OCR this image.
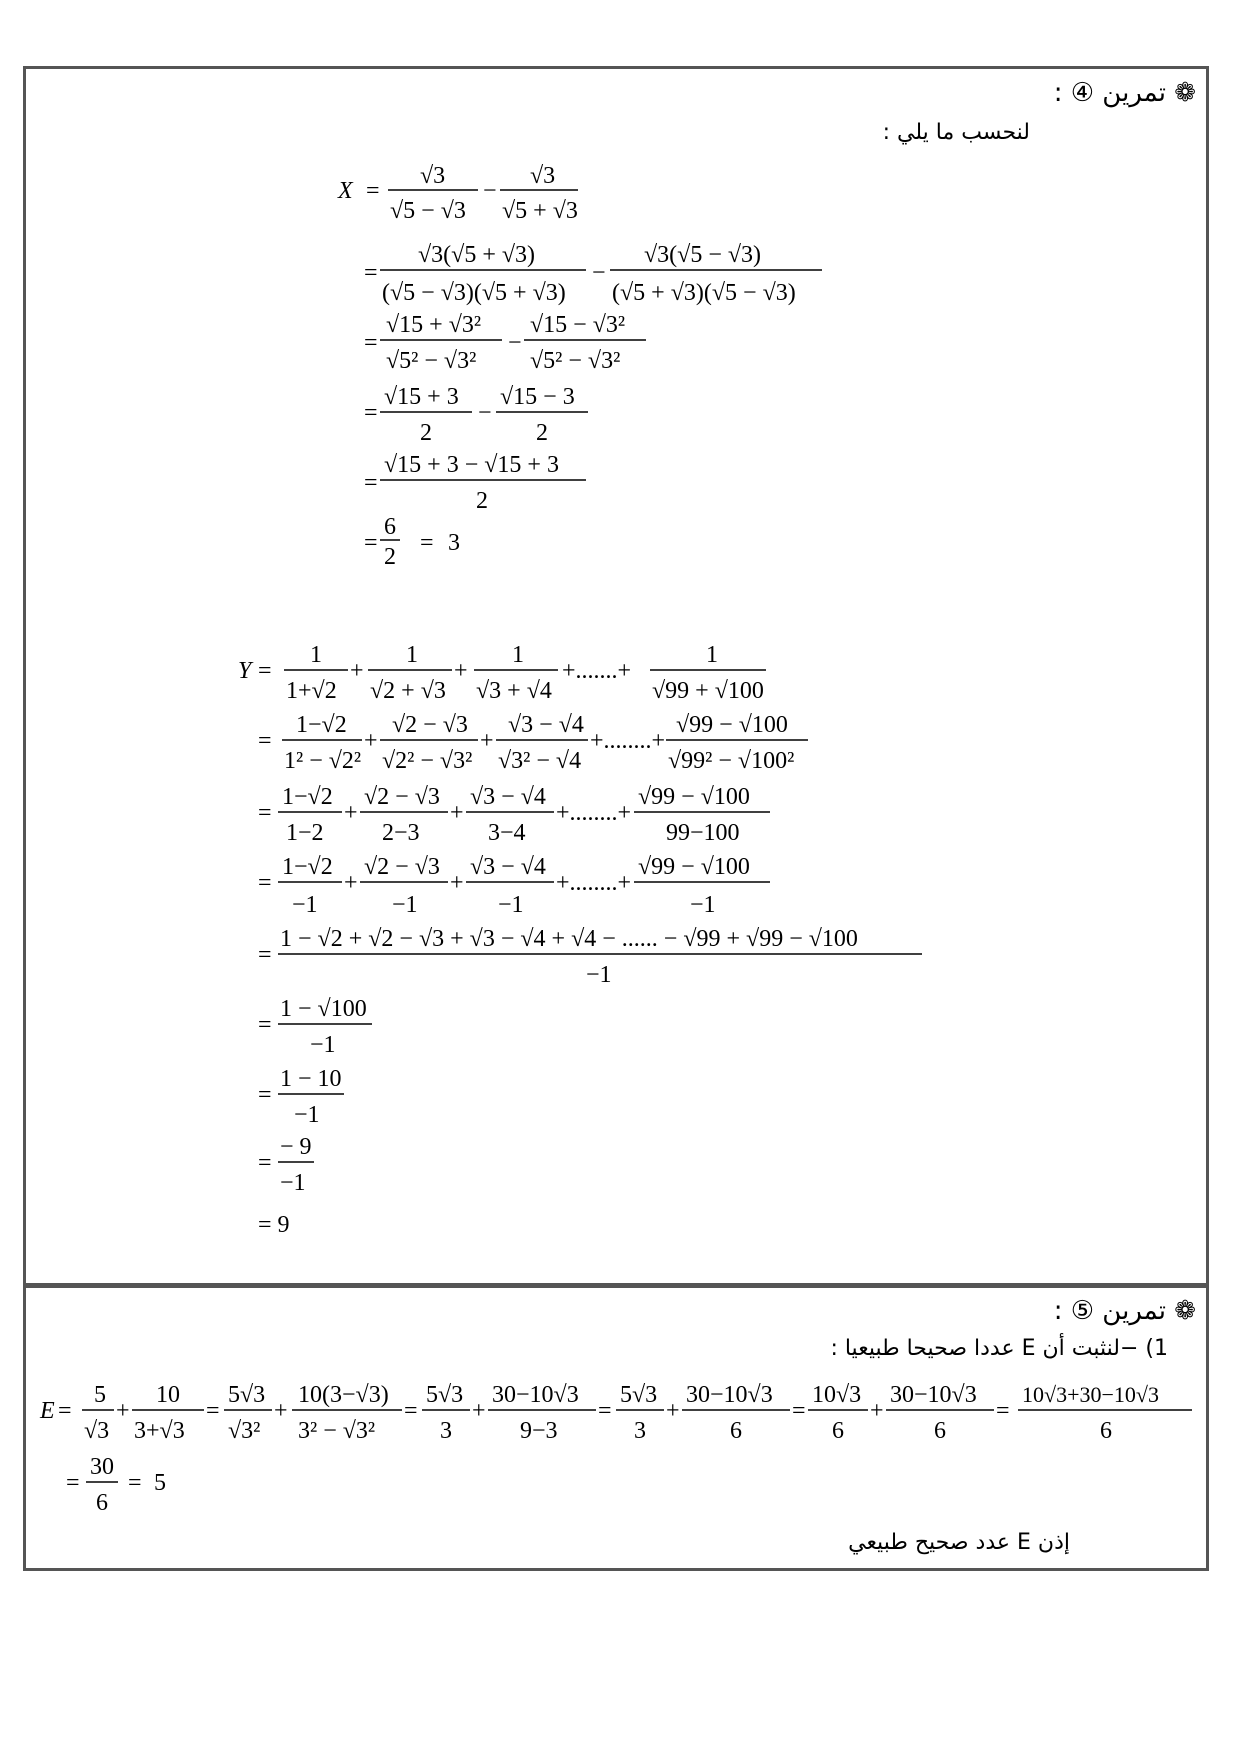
❁ تمرين ④ :
لنحسب ما يلي :
X =
√3
√5 − √3
−
√3
√5 + √3
=
√3(√5 + √3)
(√5 − √3)(√5 + √3)
−
√3(√5 − √3)
(√5 + √3)(√5 − √3)
=
√15 + √3²
√5² − √3²
−
√15 − √3²
√5² − √3²
=
√15 + 3
2
−
√15 − 3
2
=
√15 + 3 − √15 + 3
2
=
6
2
= 3
Y =
1
1+√2
+
1
√2 + √3
+
1
√3 + √4
+.......+
1
√99 + √100
=
1−√2
1² − √2²
+
√2 − √3
√2² − √3²
+
√3 − √4
√3² − √4
+........+
√99 − √100
√99² − √100²
=
1−√2
1−2
+
√2 − √3
2−3
+
√3 − √4
3−4
+........+
√99 − √100
99−100
=
1−√2
−1
+
√2 − √3
−1
+
√3 − √4
−1
+........+
√99 − √100
−1
=
1 − √2 + √2 − √3 + √3 − √4 + √4 − ...... − √99 + √99 − √100
−1
=
1 − √100
−1
=
1 − 10
−1
=
− 9
−1
= 9
❁ تمرين ⑤ :
1) −لنثبت أن E عددا صحيحا طبيعيا :
E =
5
√3
+
10
3+√3
=
5√3
√3²
+
10(3−√3)
3² − √3²
=
5√3
3
+
30−10√3
9−3
=
5√3
3
+
30−10√3
6
=
10√3
6
+
30−10√3
6
=
10√3+30−10√3
6
=
30
6
= 5
إذن E عدد صحيح طبيعي
